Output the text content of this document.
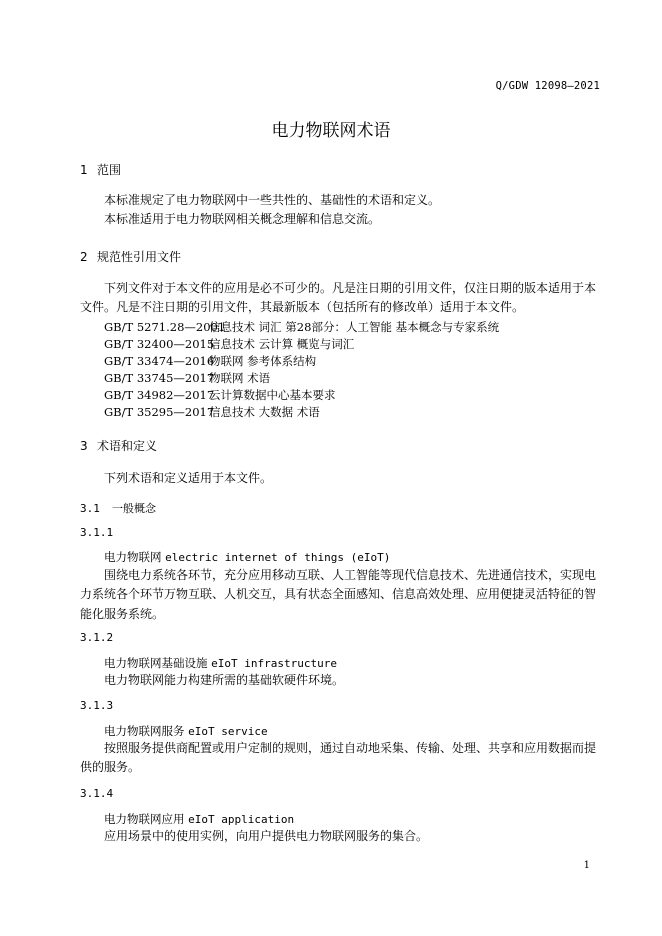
Q/GDW 12098—2021
电力物联网术语
1 范围

本标准规定了电力物联网中一些共性的、基础性的术语和定义。

本标准适用于电力物联网相关概念理解和信息交流。

2 规范性引用文件
下列文件对于本文件的应用是必不可少的。凡是注日期的引用文件，仅注日期的版本适用于本文件。凡是不注日期的引用文件，其最新版本（包括所有的修改单）适用于本文件。
GB/T 5271.28—2001信息技术 词汇 第28部分：人工智能 基本概念与专家系统
GB/T 32400—2015信息技术 云计算 概览与词汇
GB/T 33474—2016物联网 参考体系结构
GB/T 33745—2017物联网 术语
GB/T 34982—2017云计算数据中心基本要求
GB/T 35295—2017信息技术 大数据 术语
3 术语和定义
下列术语和定义适用于本文件。
3.1 一般概念
3.1.1
电力物联网 electric internet of things (eIoT)
围绕电力系统各环节，充分应用移动互联、人工智能等现代信息技术、先进通信技术，实现电力系统各个环节万物互联、人机交互，具有状态全面感知、信息高效处理、应用便捷灵活特征的智能化服务系统。
3.1.2
电力物联网基础设施 eIoT infrastructure
电力物联网能力构建所需的基础软硬件环境。
3.1.3
电力物联网服务 eIoT service
按照服务提供商配置或用户定制的规则，通过自动地采集、传输、处理、共享和应用数据而提供的服务。
3.1.4
电力物联网应用 eIoT application
应用场景中的使用实例，向用户提供电力物联网服务的集合。
1
